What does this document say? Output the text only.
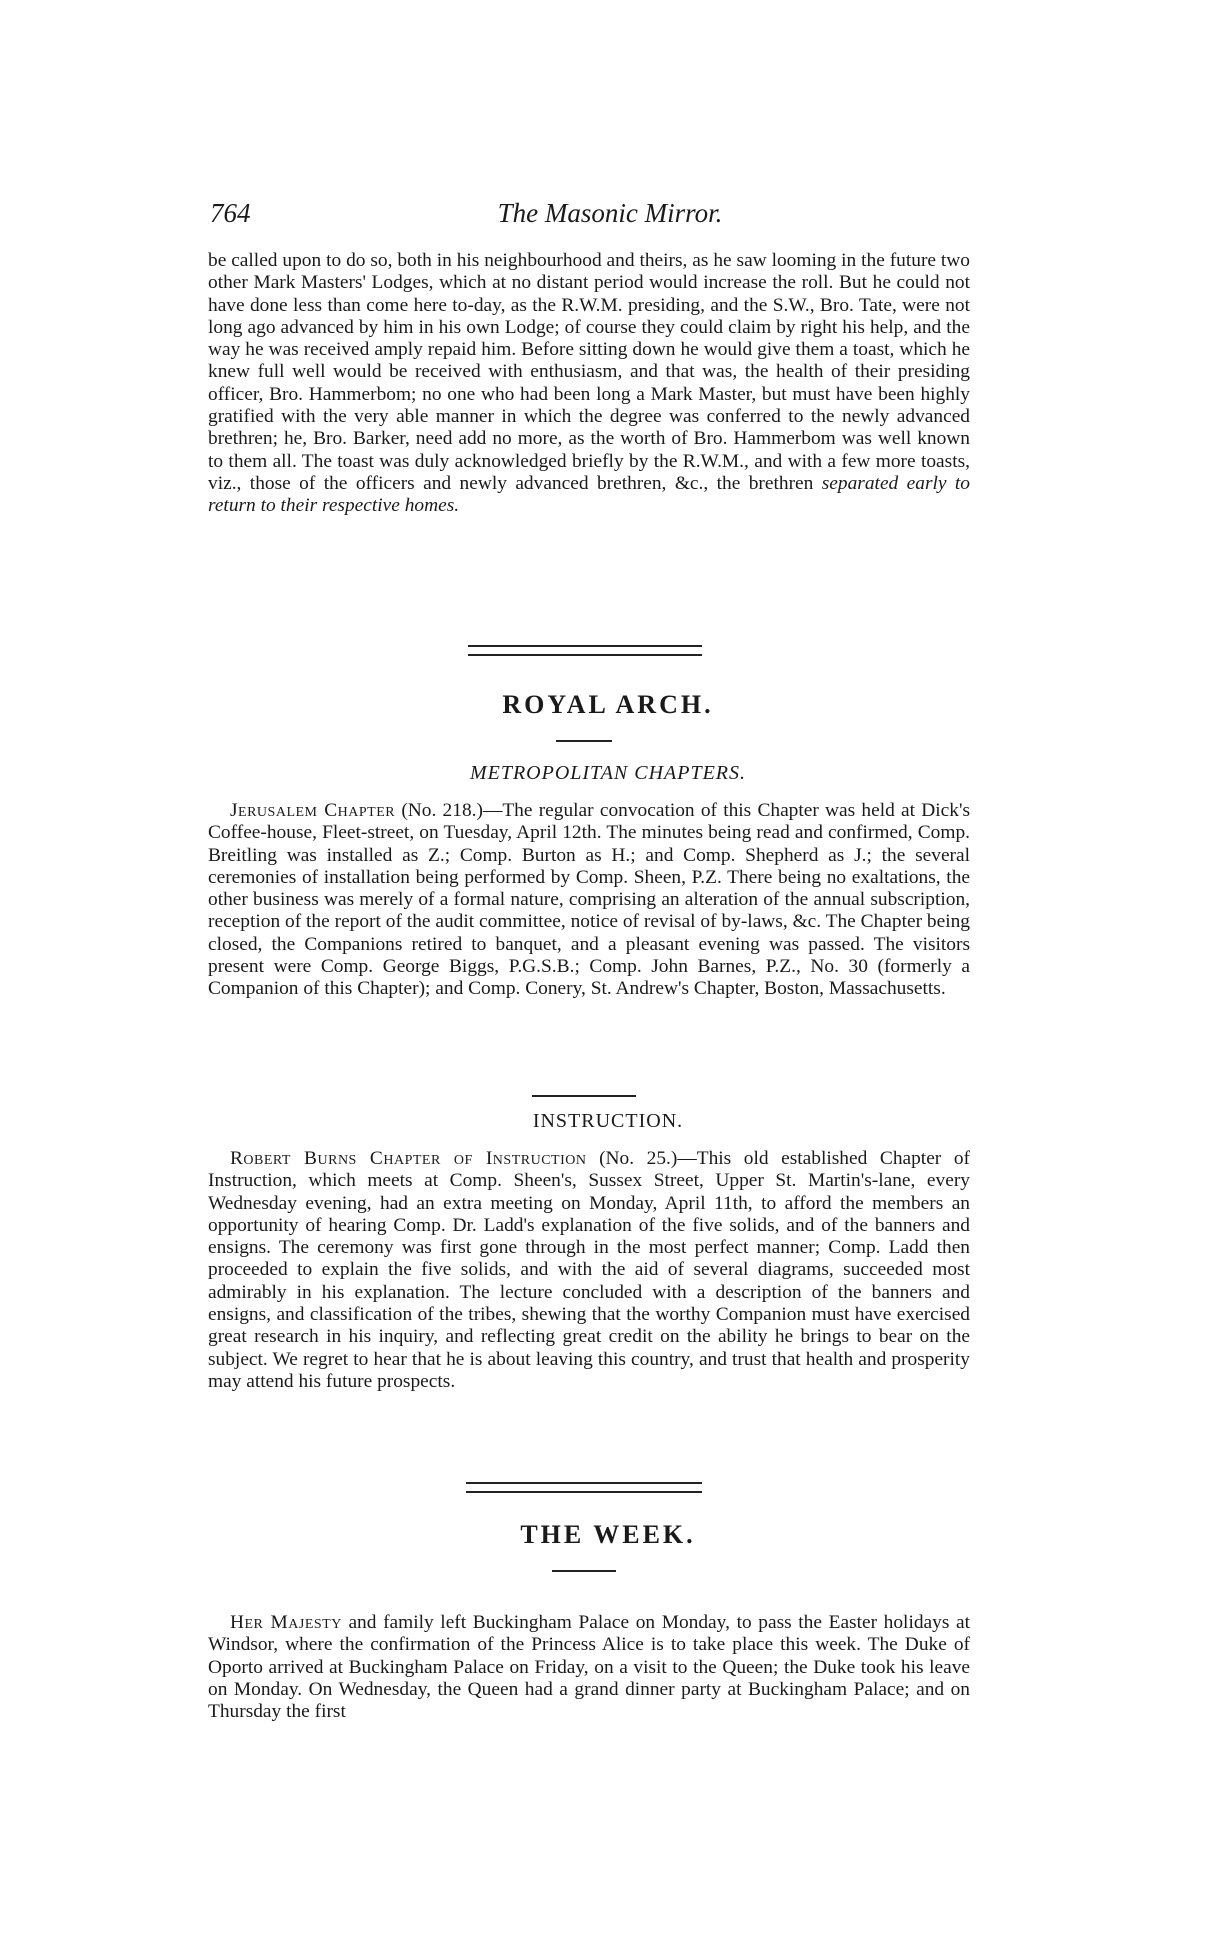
764	The Masonic Mirror.

be called upon to do so, both in his neighbourhood and theirs, as he saw looming in the future two other Mark Masters' Lodges, which at no distant period would increase the roll. But he could not have done less than come here to-day, as the R.W.M. presiding, and the S.W., Bro. Tate, were not long ago advanced by him in his own Lodge; of course they could claim by right his help, and the way he was received amply repaid him. Before sitting down he would give them a toast, which he knew full well would be received with enthusiasm, and that was, the health of their presiding officer, Bro. Hammerbom; no one who had been long a Mark Master, but must have been highly gratified with the very able manner in which the degree was conferred to the newly advanced brethren; he, Bro. Barker, need add no more, as the worth of Bro. Hammerbom was well known to them all. The toast was duly acknowledged briefly by the R.W.M., and with a few more toasts, viz., those of the officers and newly advanced brethren, &c., the brethren separated early to return to their respective homes.

ROYAL ARCH.
METROPOLITAN CHAPTERS.

Jerusalem Chapter (No. 218.)—The regular convocation of this Chapter was held at Dick's Coffee-house, Fleet-street, on Tuesday, April 12th. The minutes being read and confirmed, Comp. Breitling was installed as Z.; Comp. Burton as H.; and Comp. Shepherd as J.; the several ceremonies of installation being performed by Comp. Sheen, P.Z. There being no exaltations, the other business was merely of a formal nature, comprising an alteration of the annual subscription, reception of the report of the audit committee, notice of revisal of by-laws, &c. The Chapter being closed, the Companions retired to banquet, and a pleasant evening was passed. The visitors present were Comp. George Biggs, P.G.S.B.; Comp. John Barnes, P.Z., No. 30 (formerly a Companion of this Chapter); and Comp. Conery, St. Andrew's Chapter, Boston, Massachusetts.

INSTRUCTION.

Robert Burns Chapter of Instruction (No. 25.)—This old established Chapter of Instruction, which meets at Comp. Sheen's, Sussex Street, Upper St. Martin's-lane, every Wednesday evening, had an extra meeting on Monday, April 11th, to afford the members an opportunity of hearing Comp. Dr. Ladd's explanation of the five solids, and of the banners and ensigns. The ceremony was first gone through in the most perfect manner; Comp. Ladd then proceeded to explain the five solids, and with the aid of several diagrams, succeeded most admirably in his explanation. The lecture concluded with a description of the banners and ensigns, and classification of the tribes, shewing that the worthy Companion must have exercised great research in his inquiry, and reflecting great credit on the ability he brings to bear on the subject. We regret to hear that he is about leaving this country, and trust that health and prosperity may attend his future prospects.

THE WEEK.

Her Majesty and family left Buckingham Palace on Monday, to pass the Easter holidays at Windsor, where the confirmation of the Princess Alice is to take place this week. The Duke of Oporto arrived at Buckingham Palace on Friday, on a visit to the Queen; the Duke took his leave on Monday. On Wednesday, the Queen had a grand dinner party at Buckingham Palace; and on Thursday the first
